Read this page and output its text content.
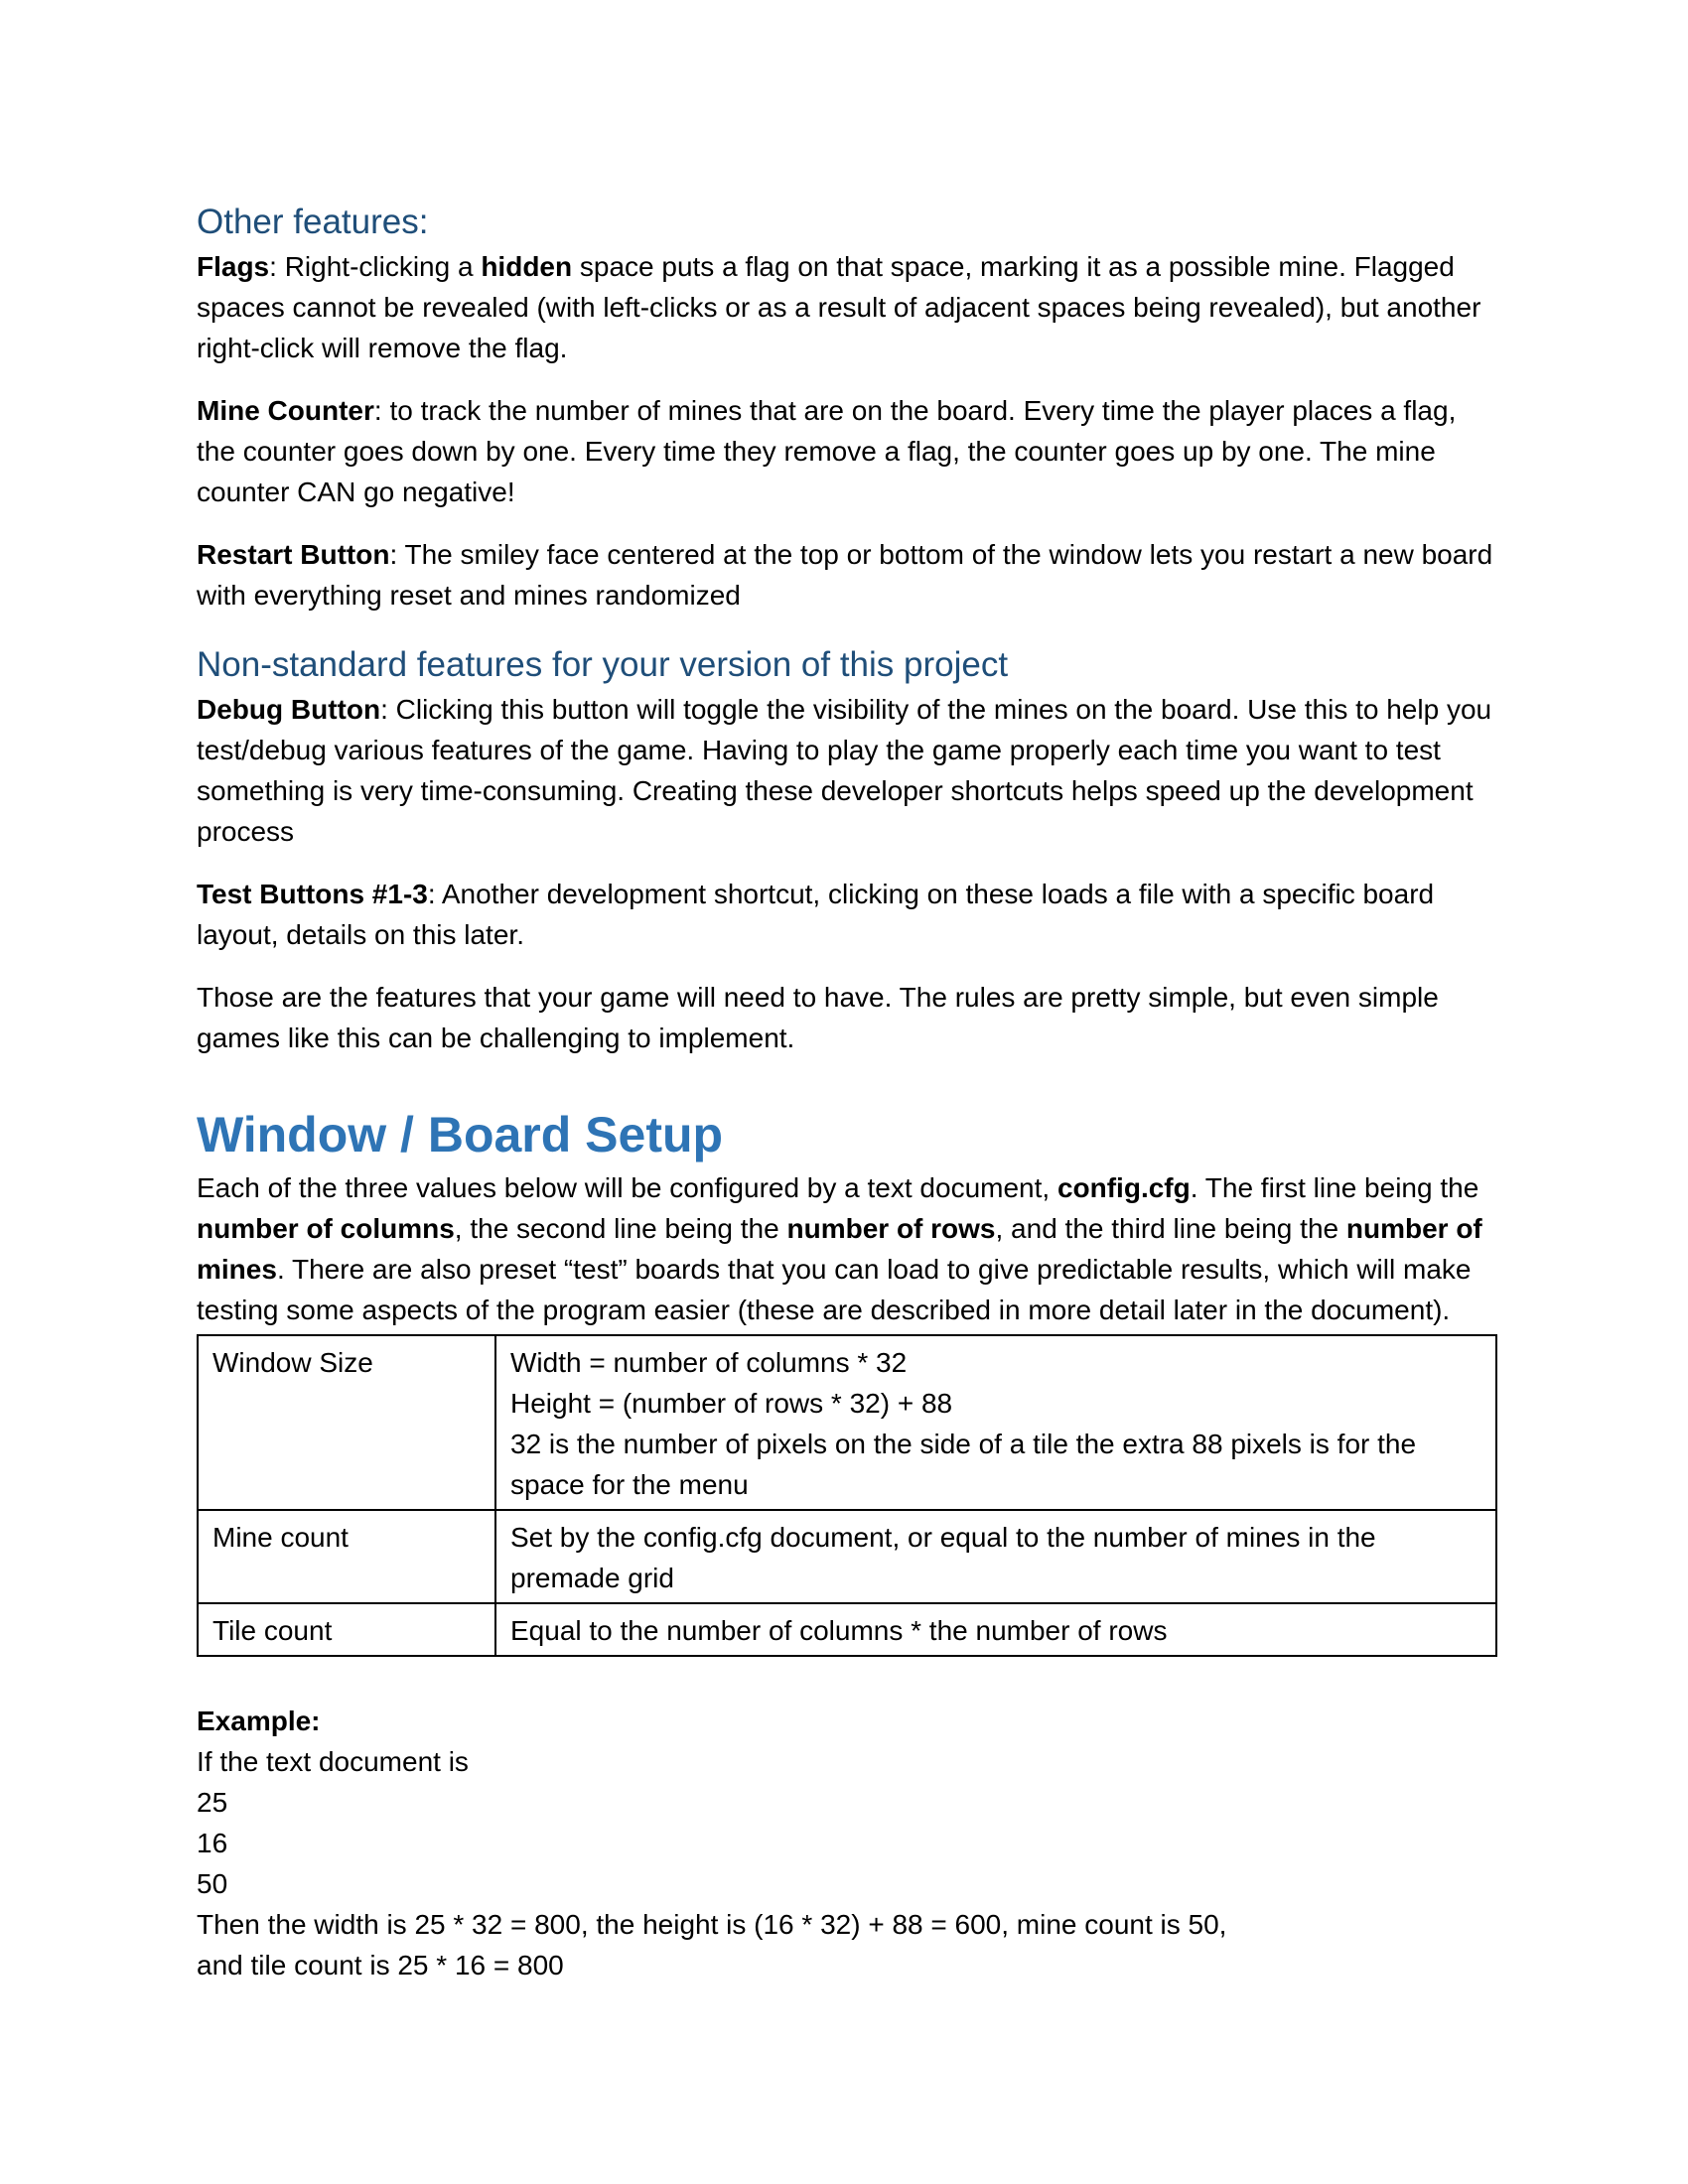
Other features:

Flags: Right-clicking a hidden space puts a flag on that space, marking it as a possible mine. Flagged spaces cannot be revealed (with left-clicks or as a result of adjacent spaces being revealed), but another right-click will remove the flag.

Mine Counter: to track the number of mines that are on the board. Every time the player places a flag, the counter goes down by one. Every time they remove a flag, the counter goes up by one. The mine counter CAN go negative!

Restart Button: The smiley face centered at the top or bottom of the window lets you restart a new board with everything reset and mines randomized

Non-standard features for your version of this project

Debug Button: Clicking this button will toggle the visibility of the mines on the board. Use this to help you test/debug various features of the game. Having to play the game properly each time you want to test something is very time-consuming. Creating these developer shortcuts helps speed up the development process

Test Buttons #1-3: Another development shortcut, clicking on these loads a file with a specific board layout, details on this later.

Those are the features that your game will need to have. The rules are pretty simple, but even simple games like this can be challenging to implement.

Window / Board Setup

Each of the three values below will be configured by a text document, config.cfg. The first line being the number of columns, the second line being the number of rows, and the third line being the number of mines. There are also preset “test” boards that you can load to give predictable results, which will make testing some aspects of the program easier (these are described in more detail later in the document).

Window Size	Width = number of columns * 32
Height = (number of rows * 32) + 88
32 is the number of pixels on the side of a tile the extra 88 pixels is for the space for the menu

Mine count	Set by the config.cfg document, or equal to the number of mines in the premade grid

Tile count	Equal to the number of columns * the number of rows

Example:

If the text document is

25

16

50

Then the width is 25 * 32 = 800, the height is (16 * 32) + 88 = 600, mine count is 50,

and tile count is 25 * 16 = 800
